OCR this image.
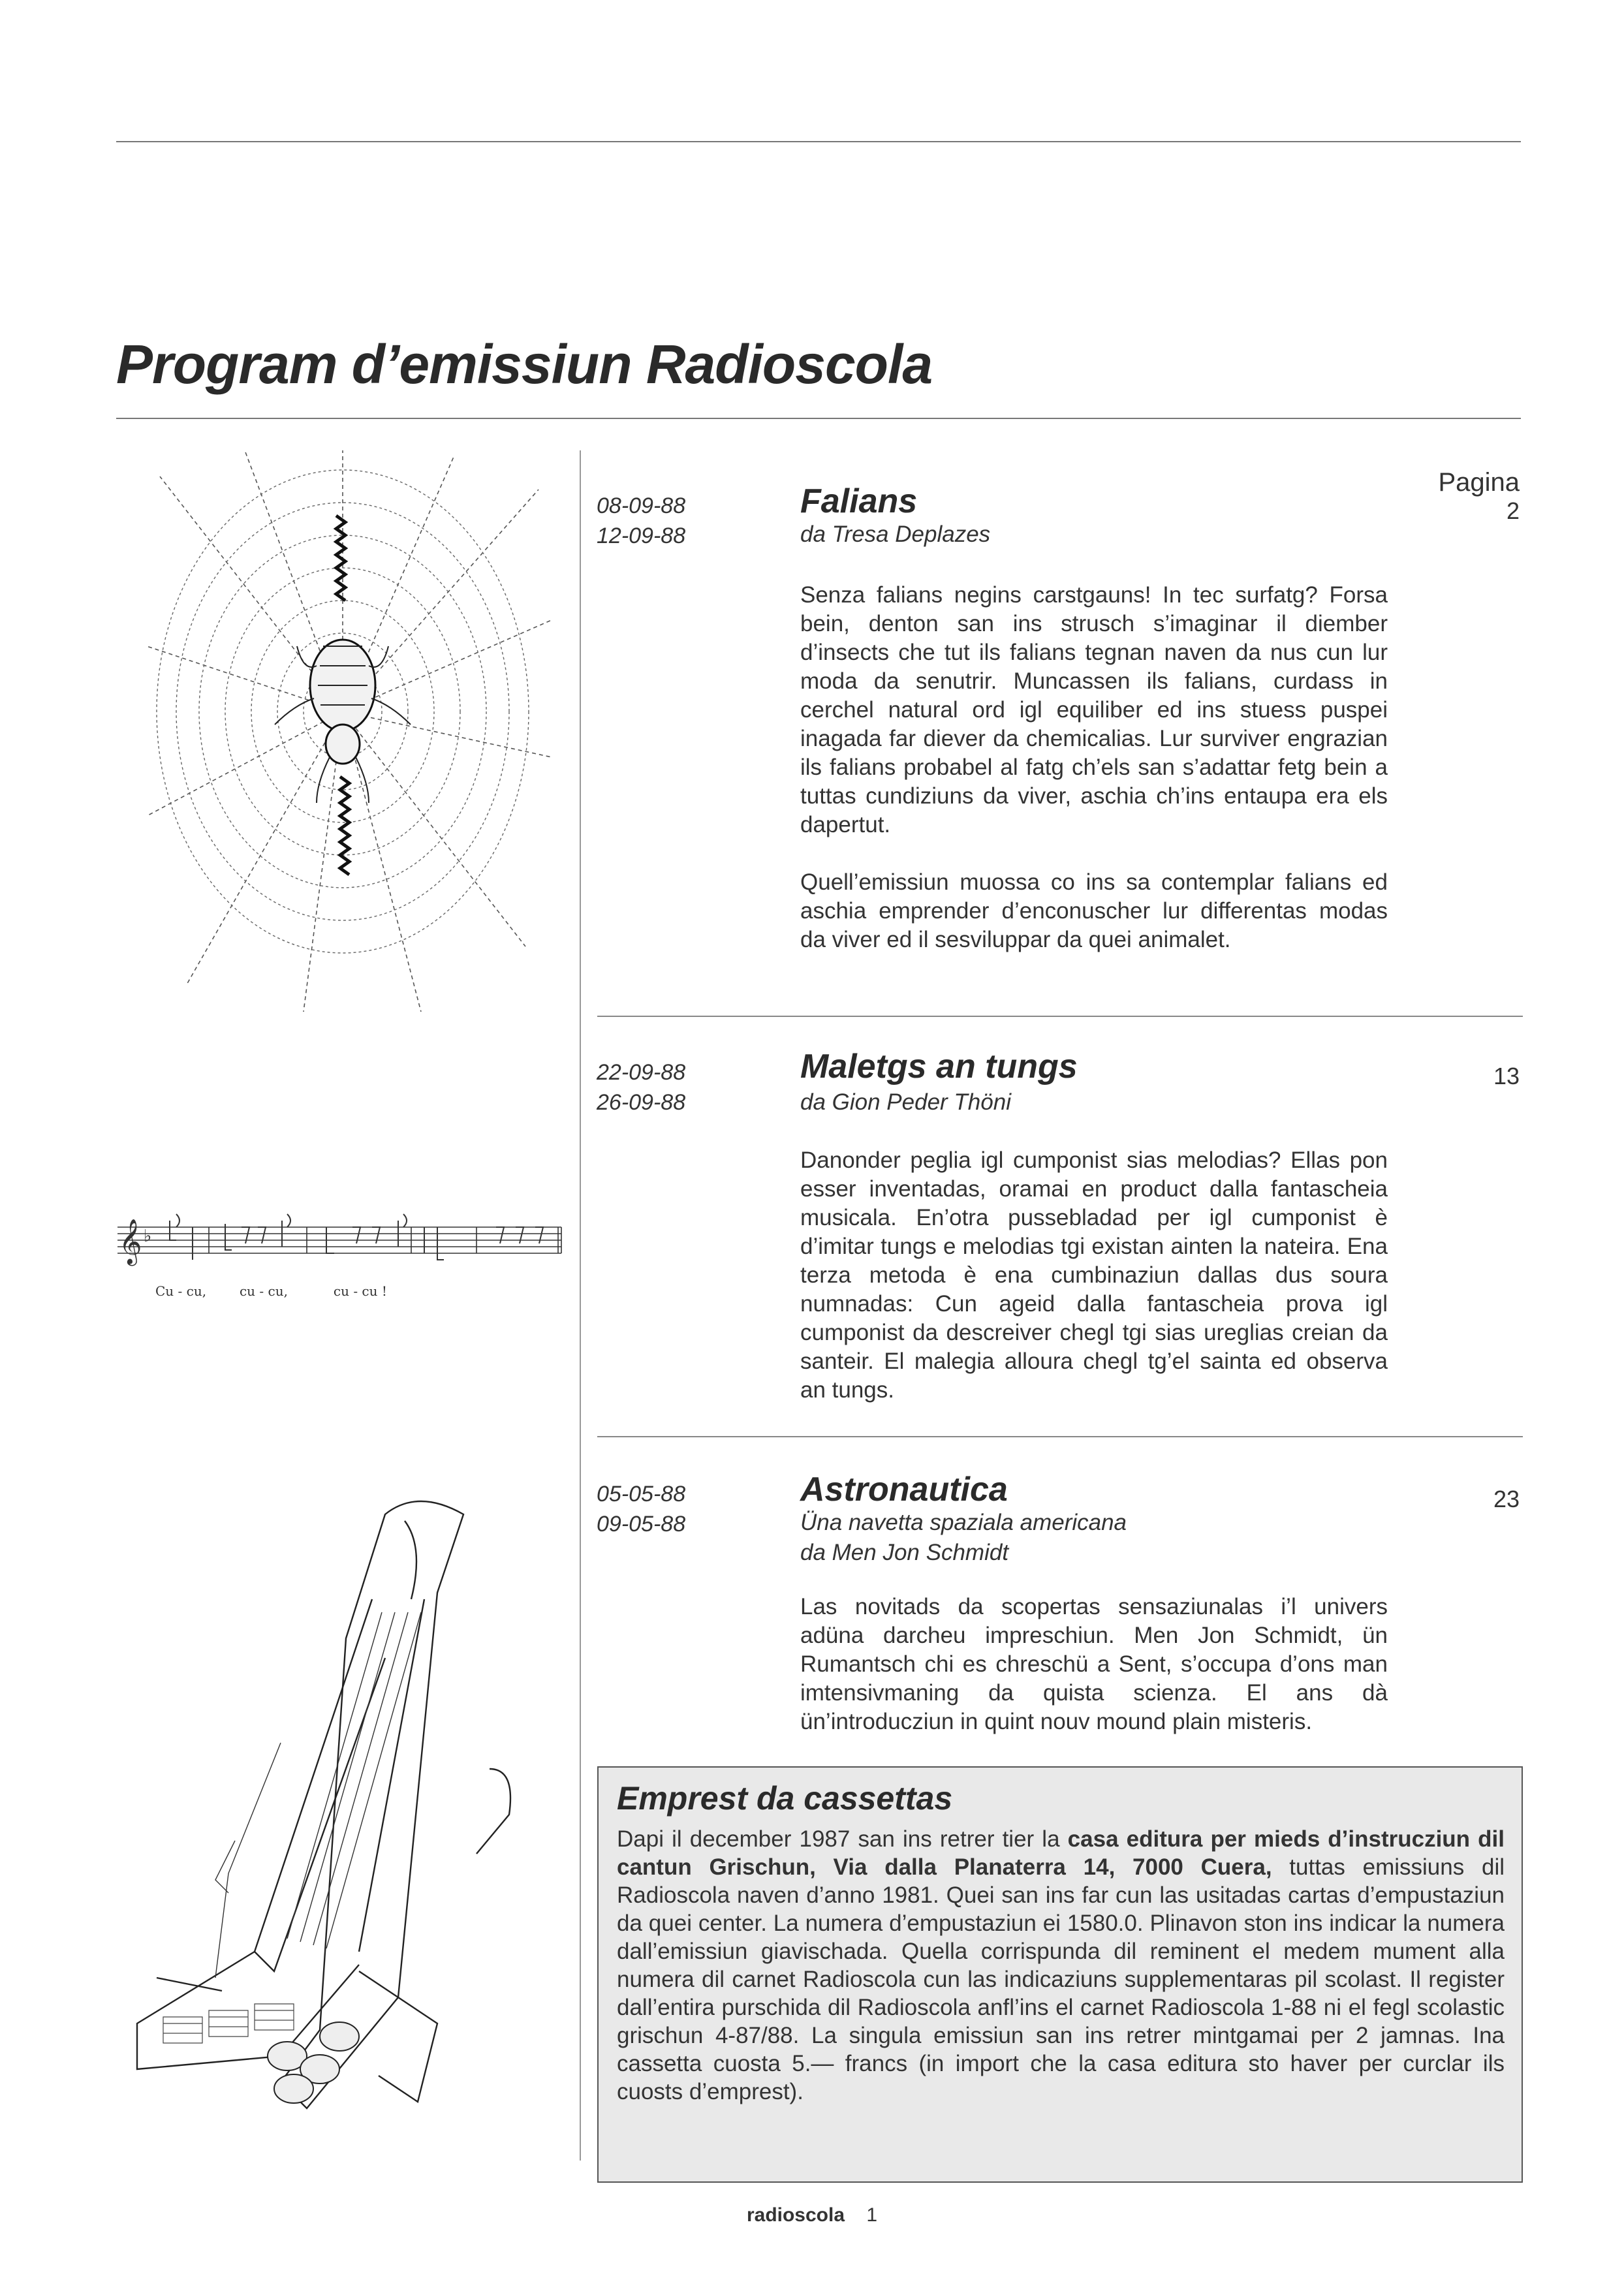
Program d’emissiun Radioscola
Pagina
08-09-88
12-09-88
Falians
da Tresa Deplazes
2

Senza falians negins carstgauns! In tec surfatg? Forsa bein, denton san ins strusch s’imaginar il diember d’insects che tut ils falians tegnan naven da nus cun lur moda da senutrir. Muncassen ils falians, curdass in cerchel natural ord igl equiliber ed ins stuess puspei inagada far diever da chemicalias. Lur surviver engrazian ils falians probabel al fatg ch’els san s’adattar fetg bein a tuttas cundiziuns da viver, aschia ch’ins entaupa era els dapertut.

Quell’emissiun muossa co ins sa contemplar falians ed aschia emprender d’enconuscher lur differentas modas da viver ed il sesviluppar da quei animalet.

22-09-88
26-09-88
Maletgs an tungs
da Gion Peder Thöni
13

Danonder peglia igl cumponist sias melodias? Ellas pon esser inventadas, oramai en product dalla fantascheia musicala. En’otra pussebladad per igl cumponist è d’imitar tungs e melodias tgi existan ainten la nateira. Ena terza metoda è ena cumbinaziun dallas dus soura numnadas: Cun ageid dalla fantascheia prova igl cumponist da descreiver chegl tgi sias ureglias creian da santeir. El malegia alloura chegl tg’el sainta ed observa an tungs.

05-05-88
09-05-88
Astronautica
Üna navetta spaziala americana
da Men Jon Schmidt
23

Las novitads da scopertas sensaziunalas i’l univers adüna darcheu impreschiun. Men Jon Schmidt, ün Rumantsch chi es chreschü a Sent, s’occupa d’ons man imtensivmaning da quista scienza. El ans dà ün’introducziun in quint nouv mound plain misteris.

Emprest da cassettas

Dapi il december 1987 san ins retrer tier la casa editura per mieds d’instrucziun dil cantun Grischun, Via dalla Planaterra 14, 7000 Cuera, tuttas emissiuns dil Radioscola naven d’anno 1981. Quei san ins far cun las usitadas cartas d’empustaziun da quei center. La numera d’empustaziun ei 1580.0. Plinavon ston ins indicar la numera dall’emissiun giavischada. Quella corrispunda dil reminent el medem mument alla numera dil carnet Radioscola cun las indicaziuns supplementaras pil scolast. Il register dall’entira purschida dil Radioscola anfl’ins el carnet Radioscola 1-88 ni el fegl scolastic grischun 4-87/88. La singula emissiun san ins retrer mintgamai per 2 jamnas. Ina cassetta cuosta 5.— francs (in import che la casa editura sto haver per curclar ils cuosts d’emprest).

𝄞 ♭
Cu - cu,        cu - cu,           cu - cu !
radioscola 1
